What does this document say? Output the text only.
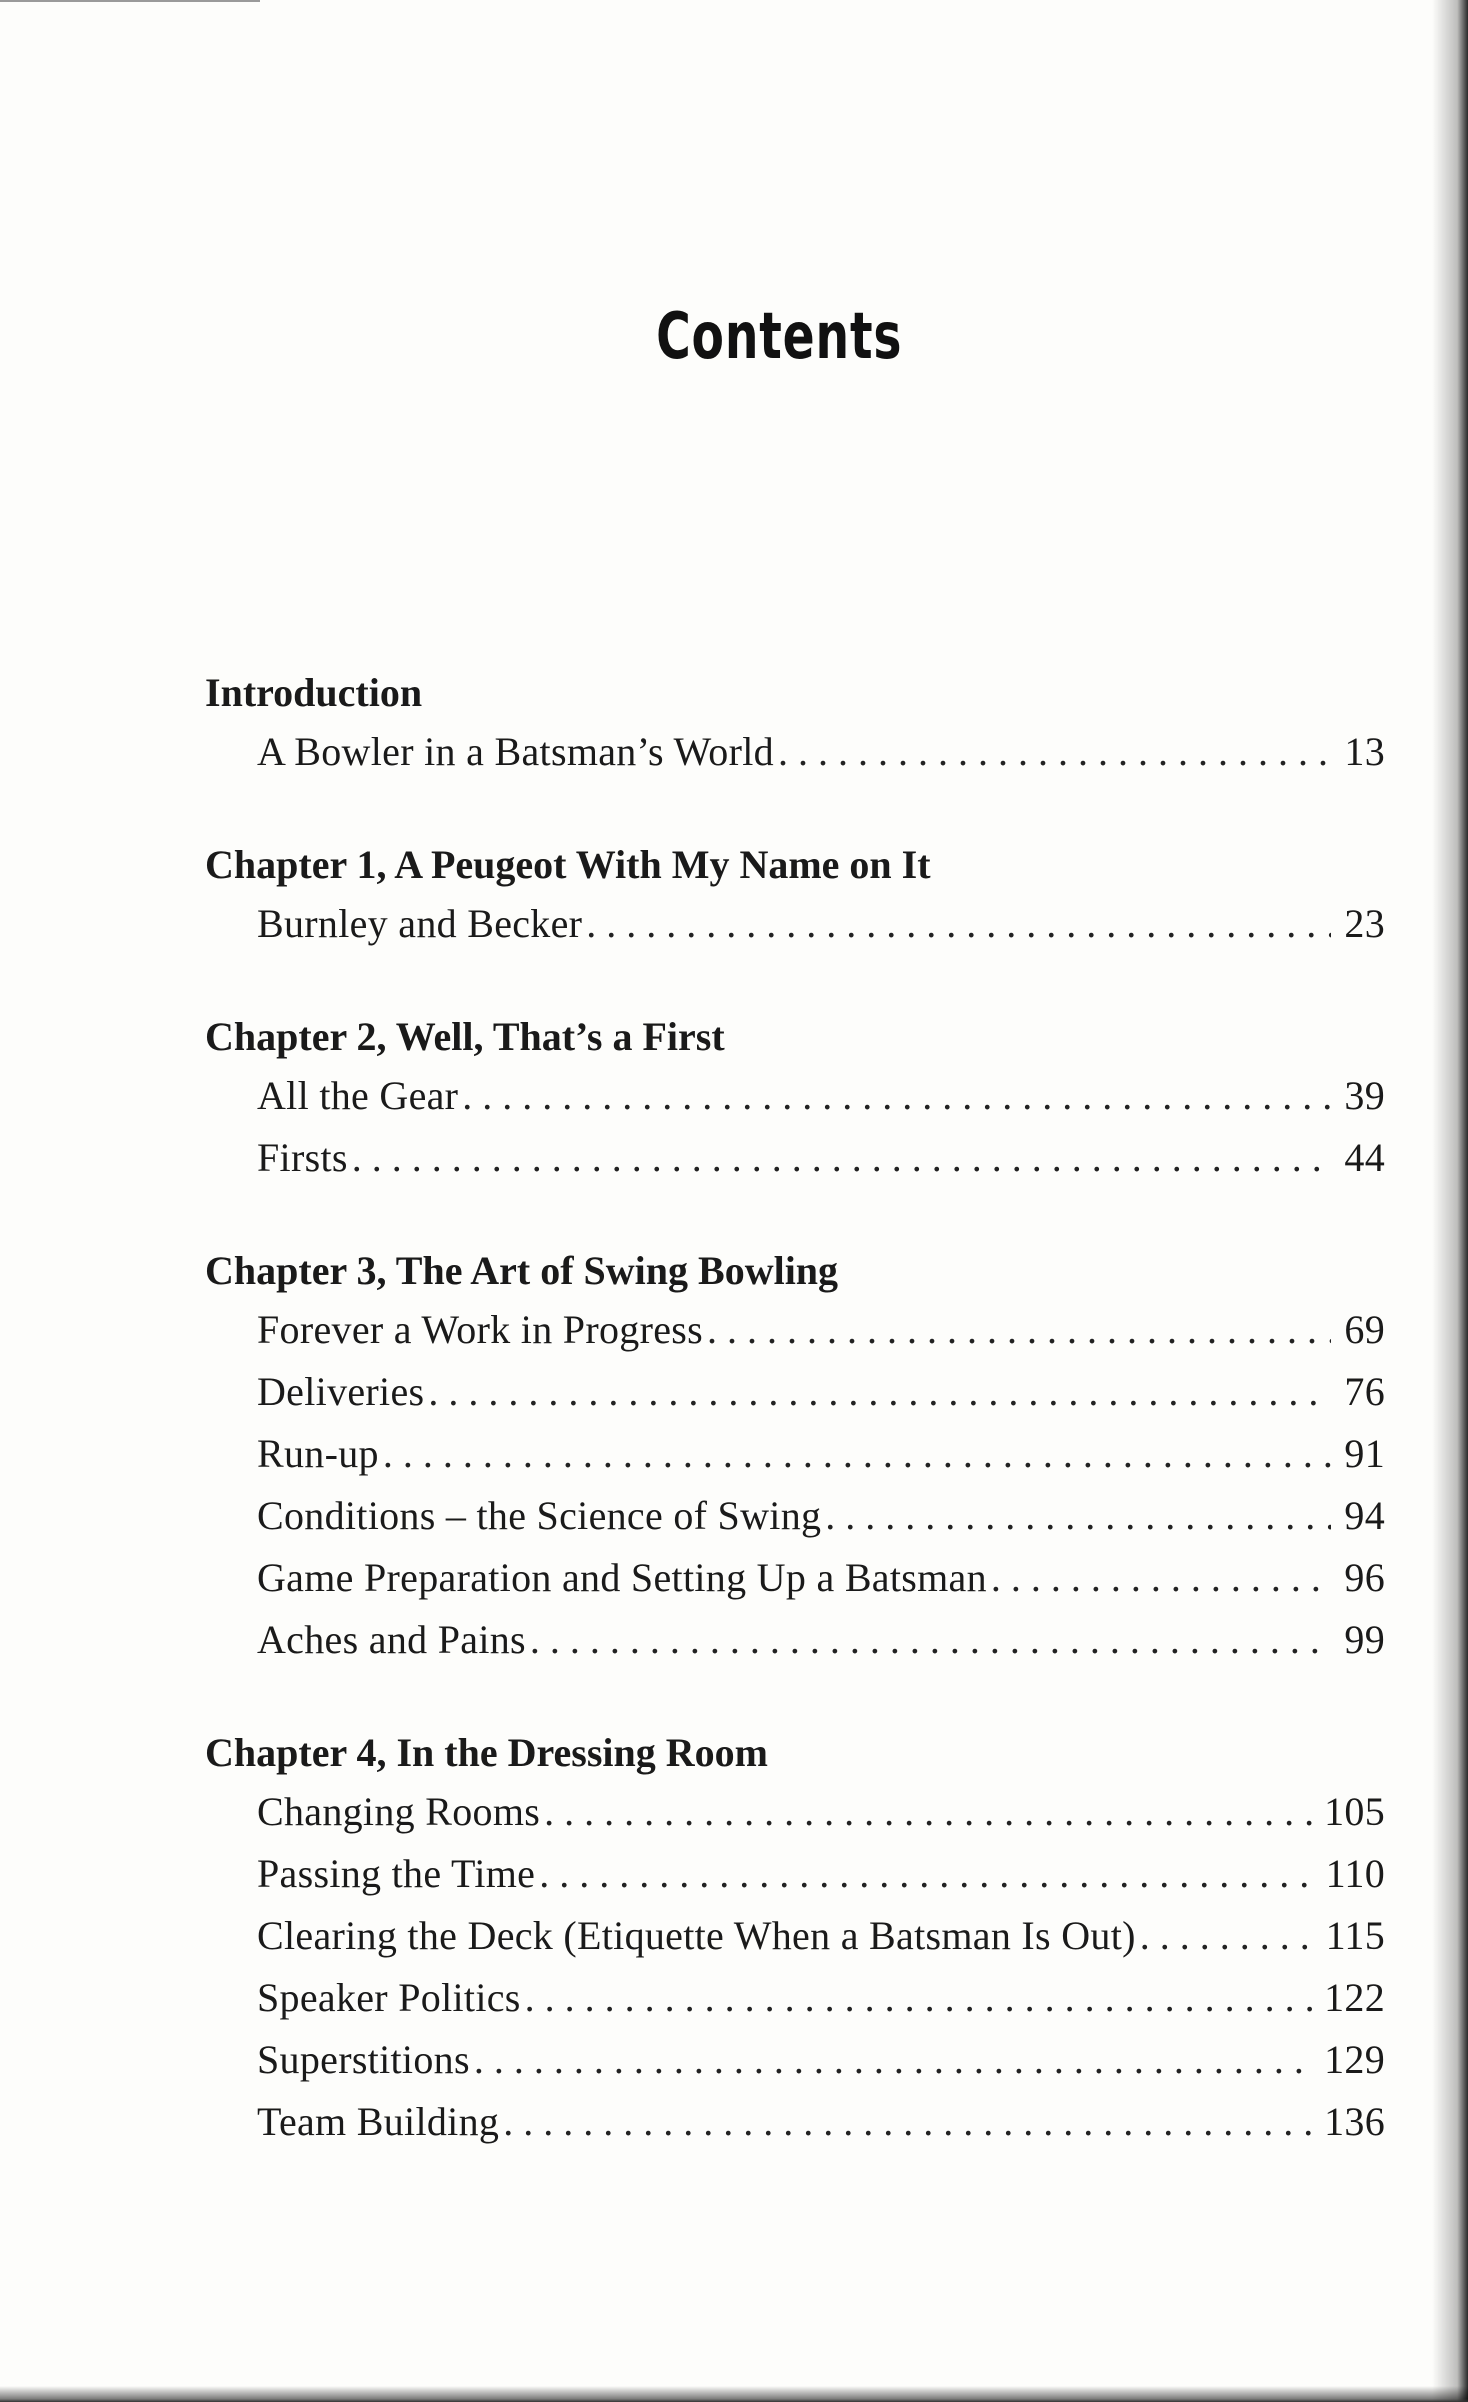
Contents
Introduction
A Bowler in a Batsman’s World . . .	13
Chapter 1, A Peugeot With My Name on It
Burnley and Becker . . .	23
Chapter 2, Well, That’s a First
All the Gear . . .	39
Firsts . . .	44
Chapter 3, The Art of Swing Bowling
Forever a Work in Progress . . .	69
Deliveries . . .	76
Run-up . . .	91
Conditions – the Science of Swing . . .	94
Game Preparation and Setting Up a Batsman . . .	96
Aches and Pains . . .	99
Chapter 4, In the Dressing Room
Changing Rooms . . .	105
Passing the Time . . .	110
Clearing the Deck (Etiquette When a Batsman Is Out) . . .	115
Speaker Politics . . .	122
Superstitions . . .	129
Team Building . . .	136
